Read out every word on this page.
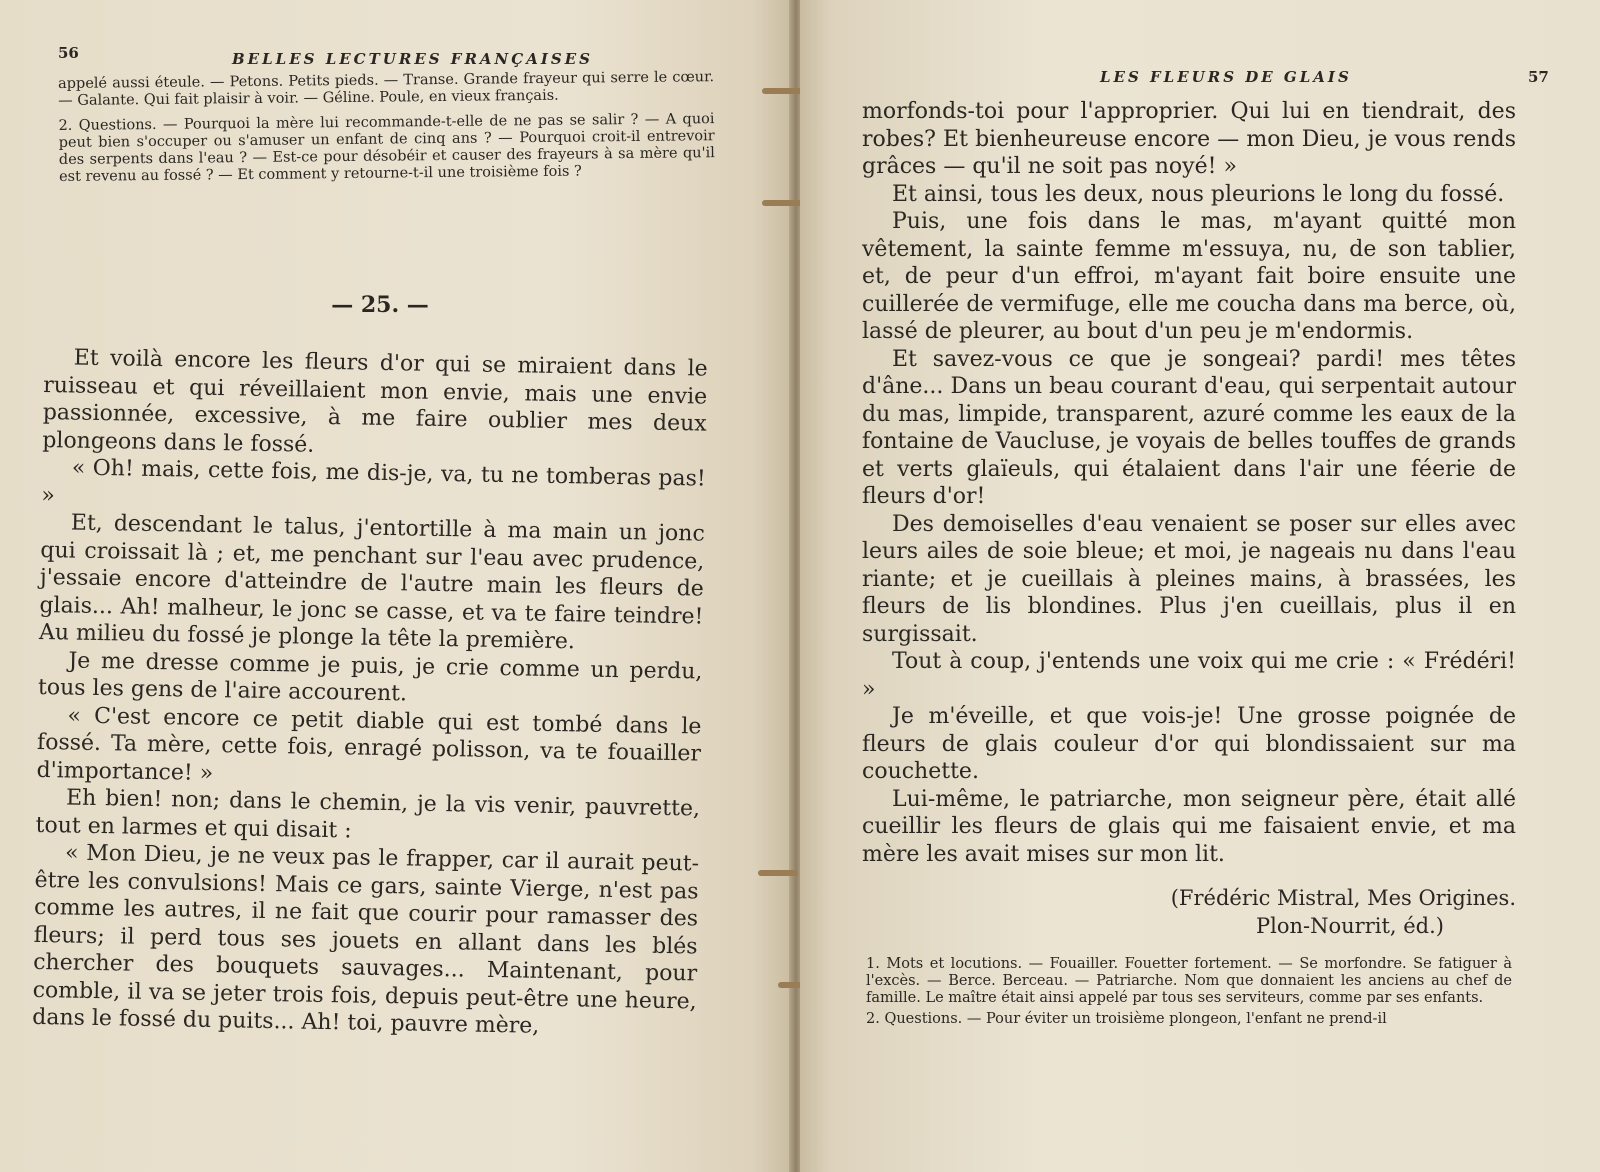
56	BELLES LECTURES FRANÇAISES

appelé aussi éteule. — Petons. Petits pieds. — Transe. Grande frayeur qui serre le cœur. — Galante. Qui fait plaisir à voir. — Géline. Poule, en vieux français.

2. Questions. — Pourquoi la mère lui recommande-t-elle de ne pas se salir ? — A quoi peut bien s'occuper ou s'amuser un enfant de cinq ans ? — Pourquoi croit-il entrevoir des serpents dans l'eau ? — Est-ce pour désobéir et causer des frayeurs à sa mère qu'il est revenu au fossé ? — Et comment y retourne-t-il une troisième fois ?

— 25. —

Et voilà encore les fleurs d'or qui se miraient dans le ruisseau et qui réveillaient mon envie, mais une envie passionnée, excessive, à me faire oublier mes deux plongeons dans le fossé.

« Oh! mais, cette fois, me dis-je, va, tu ne tomberas pas! »

Et, descendant le talus, j'entortille à ma main un jonc qui croissait là ; et, me penchant sur l'eau avec prudence, j'essaie encore d'atteindre de l'autre main les fleurs de glais... Ah! malheur, le jonc se casse, et va te faire teindre! Au milieu du fossé je plonge la tête la première.

Je me dresse comme je puis, je crie comme un perdu, tous les gens de l'aire accourent.

« C'est encore ce petit diable qui est tombé dans le fossé. Ta mère, cette fois, enragé polisson, va te fouailler d'importance! »

Eh bien! non; dans le chemin, je la vis venir, pauvrette, tout en larmes et qui disait :

« Mon Dieu, je ne veux pas le frapper, car il aurait peut-être les convulsions! Mais ce gars, sainte Vierge, n'est pas comme les autres, il ne fait que courir pour ramasser des fleurs; il perd tous ses jouets en allant dans les blés chercher des bouquets sauvages... Maintenant, pour comble, il va se jeter trois fois, depuis peut-être une heure, dans le fossé du puits... Ah! toi, pauvre mère,

LES FLEURS DE GLAIS	57

morfonds-toi pour l'approprier. Qui lui en tiendrait, des robes? Et bienheureuse encore — mon Dieu, je vous rends grâces — qu'il ne soit pas noyé! »

Et ainsi, tous les deux, nous pleurions le long du fossé.

Puis, une fois dans le mas, m'ayant quitté mon vêtement, la sainte femme m'essuya, nu, de son tablier, et, de peur d'un effroi, m'ayant fait boire ensuite une cuillerée de vermifuge, elle me coucha dans ma berce, où, lassé de pleurer, au bout d'un peu je m'endormis.

Et savez-vous ce que je songeai? pardi! mes têtes d'âne... Dans un beau courant d'eau, qui serpentait autour du mas, limpide, transparent, azuré comme les eaux de la fontaine de Vaucluse, je voyais de belles touffes de grands et verts glaïeuls, qui étalaient dans l'air une féerie de fleurs d'or!

Des demoiselles d'eau venaient se poser sur elles avec leurs ailes de soie bleue; et moi, je nageais nu dans l'eau riante; et je cueillais à pleines mains, à brassées, les fleurs de lis blondines. Plus j'en cueillais, plus il en surgissait.

Tout à coup, j'entends une voix qui me crie : « Frédéri! »

Je m'éveille, et que vois-je! Une grosse poignée de fleurs de glais couleur d'or qui blondissaient sur ma couchette.

Lui-même, le patriarche, mon seigneur père, était allé cueillir les fleurs de glais qui me faisaient envie, et ma mère les avait mises sur mon lit.

(Frédéric Mistral, Mes Origines.
Plon-Nourrit, éd.)

1. Mots et locutions. — Fouailler. Fouetter fortement. — Se morfondre. Se fatiguer à l'excès. — Berce. Berceau. — Patriarche. Nom que donnaient les anciens au chef de famille. Le maître était ainsi appelé par tous ses serviteurs, comme par ses enfants.

2. Questions. — Pour éviter un troisième plongeon, l'enfant ne prend-il
